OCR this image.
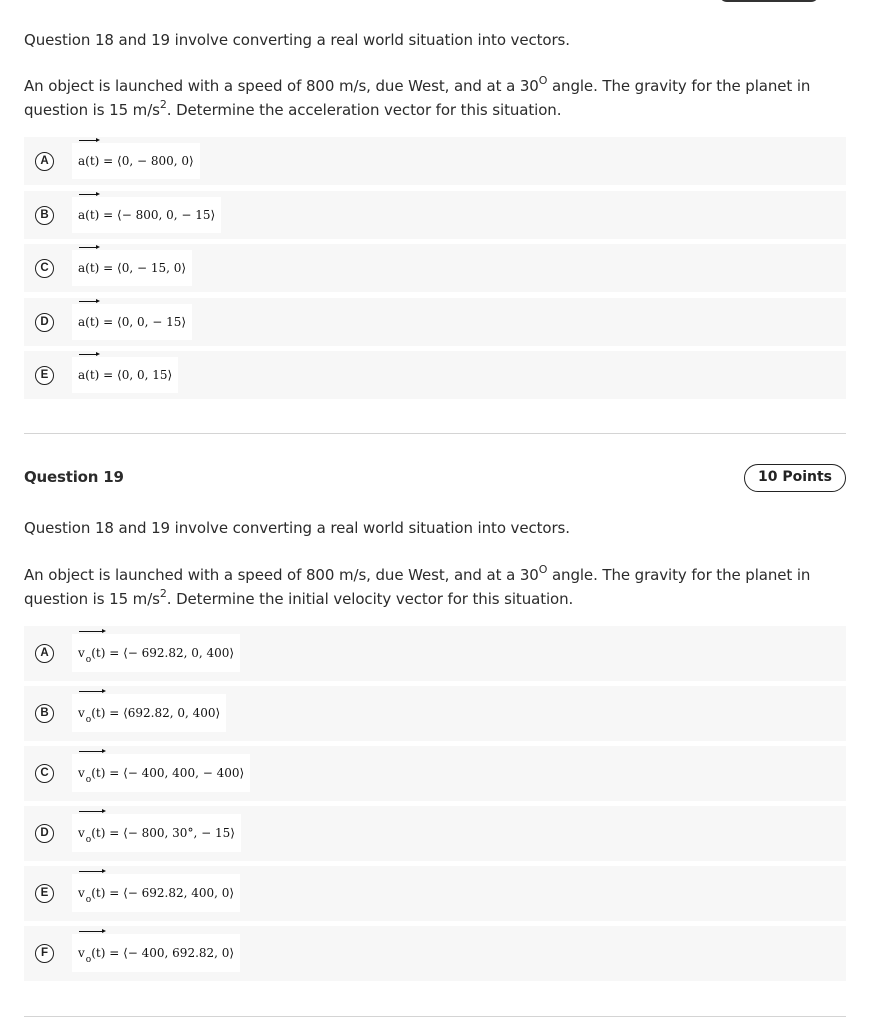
Question 18 and 19 involve converting a real world situation into vectors.
An object is launched with a speed of 800 m/s, due West, and at a $30^O$ angle. The gravity for the planet in question is 15 $m/s^2$. Determine the acceleration vector for this situation.
A	a(t) = ⟨0, − 800, 0⟩
B	a(t) = ⟨− 800, 0, − 15⟩
C	a(t) = ⟨0, − 15, 0⟩
D	a(t) = ⟨0, 0, − 15⟩
E	a(t) = ⟨0, 0, 15⟩
Question 19	10 Points
Question 18 and 19 involve converting a real world situation into vectors.
An object is launched with a speed of 800 m/s, due West, and at a $30^O$ angle. The gravity for the planet in question is 15 $m/s^2$. Determine the initial velocity vector for this situation.
A	$v_o(t)$ = ⟨− 692.82, 0, 400⟩
B	$v_o(t)$ = ⟨692.82, 0, 400⟩
C	$v_o(t)$ = ⟨− 400, 400, − 400⟩
D	$v_o(t)$ = ⟨− 800, 30°, − 15⟩
E	$v_o(t)$ = ⟨− 692.82, 400, 0⟩
F	$v_o(t)$ = ⟨− 400, 692.82, 0⟩
